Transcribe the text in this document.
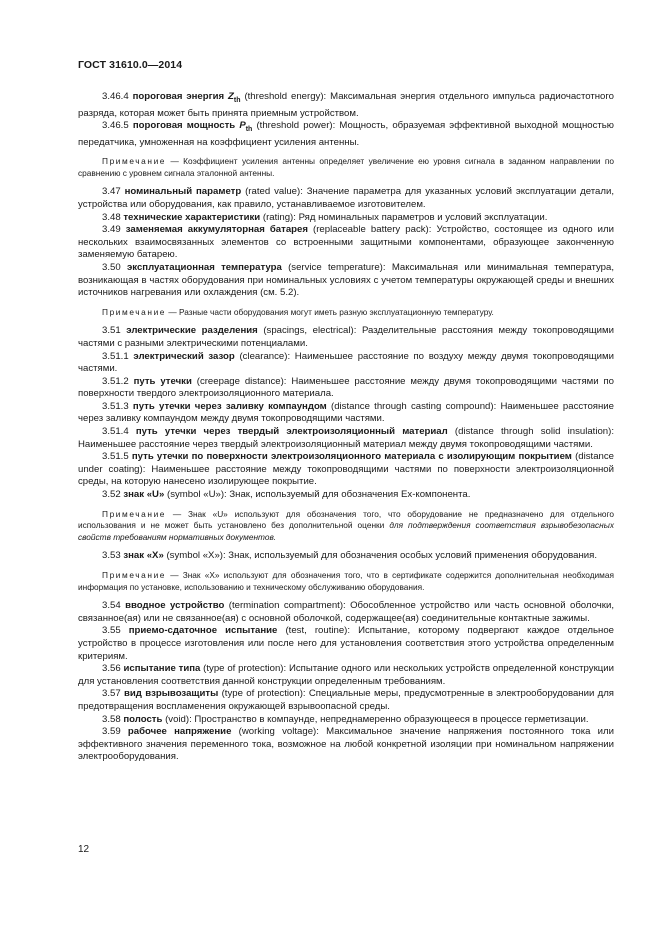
ГОСТ 31610.0—2014

3.46.4 пороговая энергия $Z_{th}$ (threshold energy): Максимальная энергия отдельного импульса радиочастотного разряда, которая может быть принята приемным устройством.

3.46.5 пороговая мощность $P_{th}$ (threshold power): Мощность, образуемая эффективной выходной мощностью передатчика, умноженная на коэффициент усиления антенны.

Примечание — Коэффициент усиления антенны определяет увеличение ею уровня сигнала в заданном направлении по сравнению с уровнем сигнала эталонной антенны.

3.47 номинальный параметр (rated value): Значение параметра для указанных условий эксплуатации детали, устройства или оборудования, как правило, устанавливаемое изготовителем.

3.48 технические характеристики (rating): Ряд номинальных параметров и условий эксплуатации.

3.49 заменяемая аккумуляторная батарея (replaceable battery pack): Устройство, состоящее из одного или нескольких взаимосвязанных элементов со встроенными защитными компонентами, образующее законченную заменяемую батарею.

3.50 эксплуатационная температура (service temperature): Максимальная или минимальная температура, возникающая в частях оборудования при номинальных условиях с учетом температуры окружающей среды и внешних источников нагревания или охлаждения (см. 5.2).

Примечание — Разные части оборудования могут иметь разную эксплуатационную температуру.

3.51 электрические разделения (spacings, electrical): Разделительные расстояния между токопроводящими частями с разными электрическими потенциалами.

3.51.1 электрический зазор (clearance): Наименьшее расстояние по воздуху между двумя токопроводящими частями.

3.51.2 путь утечки (creepage distance): Наименьшее расстояние между двумя токопроводящими частями по поверхности твердого электроизоляционного материала.

3.51.3 путь утечки через заливку компаундом (distance through casting compound): Наименьшее расстояние через заливку компаундом между двумя токопроводящими частями.

3.51.4 путь утечки через твердый электроизоляционный материал (distance through solid insulation): Наименьшее расстояние через твердый электроизоляционный материал между двумя токопроводящими частями.

3.51.5 путь утечки по поверхности электроизоляционного материала с изолирующим покрытием (distance under coating): Наименьшее расстояние между токопроводящими частями по поверхности электроизоляционной среды, на которую нанесено изолирующее покрытие.

3.52 знак «U» (symbol «U»): Знак, используемый для обозначения Ex-компонента.

Примечание — Знак «U» используют для обозначения того, что оборудование не предназначено для отдельного использования и не может быть установлено без дополнительной оценки для подтверждения соответствия взрывобезопасных свойств требованиям нормативных документов.

3.53 знак «X» (symbol «X»): Знак, используемый для обозначения особых условий применения оборудования.

Примечание — Знак «X» используют для обозначения того, что в сертификате содержится дополнительная необходимая информация по установке, использованию и техническому обслуживанию оборудования.

3.54 вводное устройство (termination compartment): Обособленное устройство или часть основной оболочки, связанное(ая) или не связанное(ая) с основной оболочкой, содержащее(ая) соединительные контактные зажимы.

3.55 приемо-сдаточное испытание (test, routine): Испытание, которому подвергают каждое отдельное устройство в процессе изготовления или после него для установления соответствия этого устройства определенным критериям.

3.56 испытание типа (type of protection): Испытание одного или нескольких устройств определенной конструкции для установления соответствия данной конструкции определенным требованиям.

3.57 вид взрывозащиты (type of protection): Специальные меры, предусмотренные в электрооборудовании для предотвращения воспламенения окружающей взрывоопасной среды.

3.58 полость (void): Пространство в компаунде, непреднамеренно образующееся в процессе герметизации.

3.59 рабочее напряжение (working voltage): Максимальное значение напряжения постоянного тока или эффективного значения переменного тока, возможное на любой конкретной изоляции при номинальном напряжении электрооборудования.

12
